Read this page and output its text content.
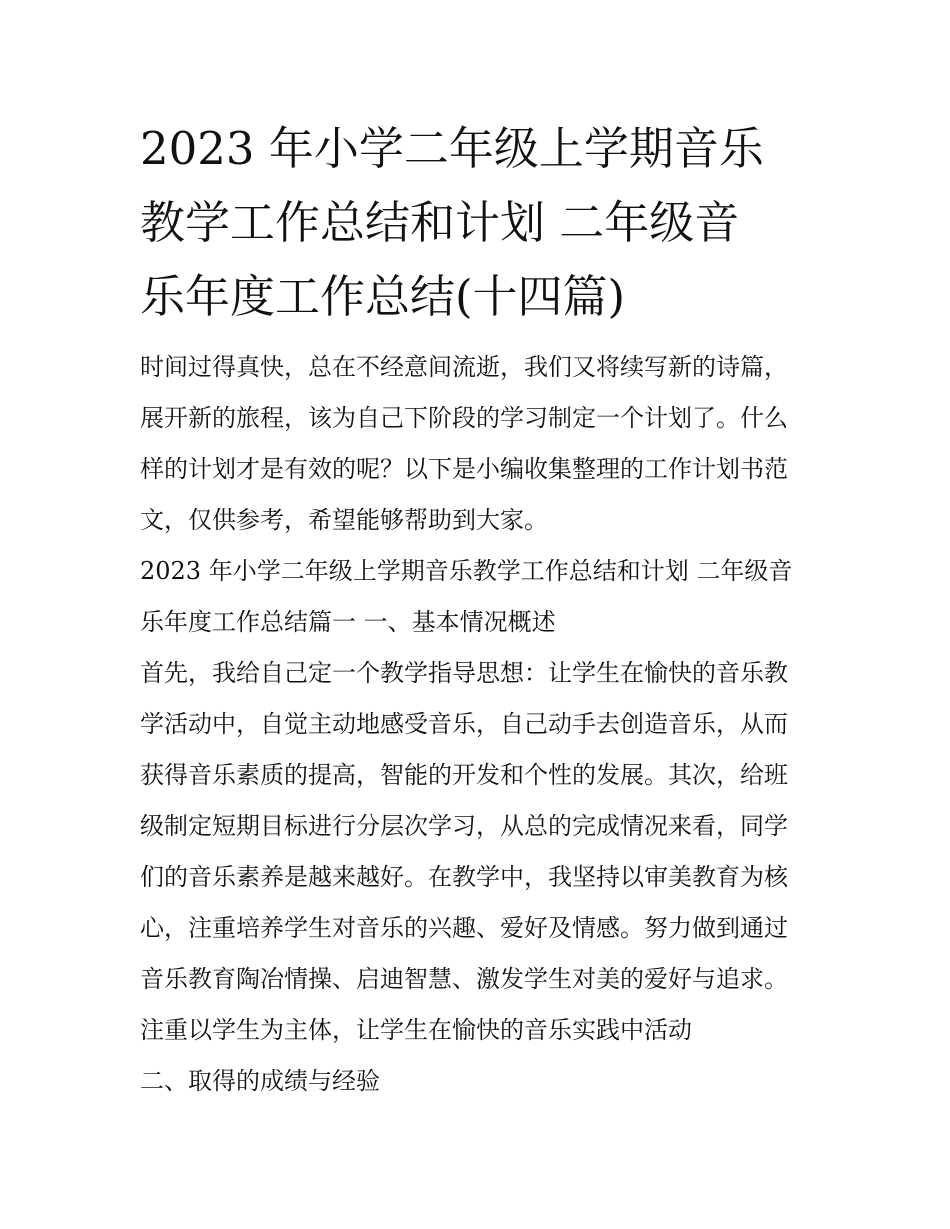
2023 年小学二年级上学期音乐
教学工作总结和计划 二年级音
乐年度工作总结(十四篇)

时间过得真快，总在不经意间流逝，我们又将续写新的诗篇，
展开新的旅程，该为自己下阶段的学习制定一个计划了。什么
样的计划才是有效的呢？以下是小编收集整理的工作计划书范
文，仅供参考，希望能够帮助到大家。

2023 年小学二年级上学期音乐教学工作总结和计划 二年级音
乐年度工作总结篇一 一、基本情况概述

首先，我给自己定一个教学指导思想：让学生在愉快的音乐教
学活动中，自觉主动地感受音乐，自己动手去创造音乐，从而
获得音乐素质的提高，智能的开发和个性的发展。其次，给班
级制定短期目标进行分层次学习，从总的完成情况来看，同学
们的音乐素养是越来越好。在教学中，我坚持以审美教育为核
心，注重培养学生对音乐的兴趣、爱好及情感。努力做到通过
音乐教育陶冶情操、启迪智慧、激发学生对美的爱好与追求。
注重以学生为主体，让学生在愉快的音乐实践中活动

二、取得的成绩与经验
